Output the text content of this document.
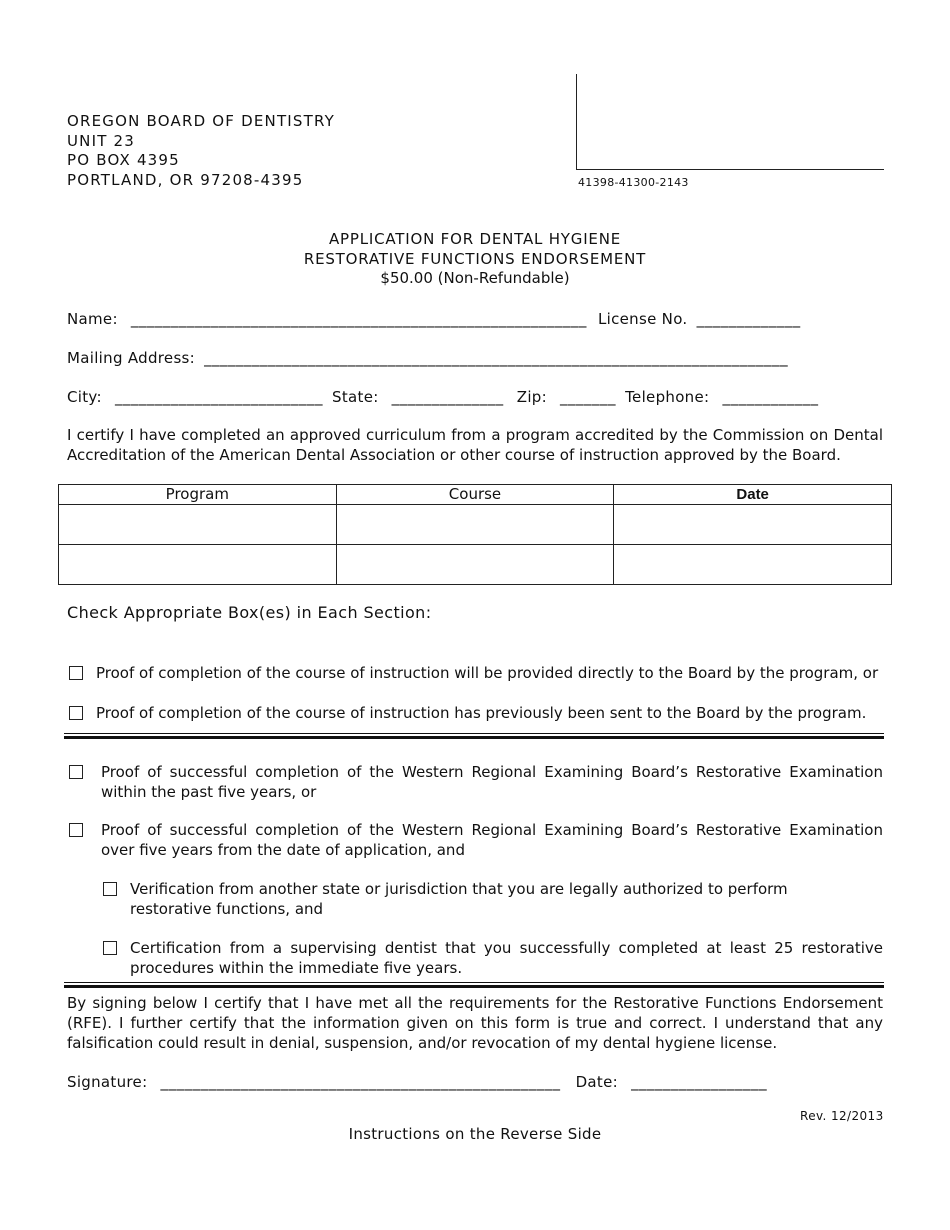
OREGON BOARD OF DENTISTRY
UNIT 23
PO BOX 4395
PORTLAND, OR 97208-4395	41398-41300-2143
APPLICATION FOR DENTAL HYGIENE
RESTORATIVE FUNCTIONS ENDORSEMENT
$50.00 (Non-Refundable)
Name: _________________________________________________________ License No. _____________
Mailing Address: _________________________________________________________________________
City: __________________________ State: ______________ Zip: _______ Telephone: ____________
I certify I have completed an approved curriculum from a program accredited by the Commission on Dental Accreditation of the American Dental Association or other course of instruction approved by the Board.
Program	Course	Date

Check Appropriate Box(es) in Each Section:
Proof of completion of the course of instruction will be provided directly to the Board by the program, or
Proof of completion of the course of instruction has previously been sent to the Board by the program.
Proof of successful completion of the Western Regional Examining Board’s Restorative Examination within the past five years, or
Proof of successful completion of the Western Regional Examining Board’s Restorative Examination over five years from the date of application, and
Verification from another state or jurisdiction that you are legally authorized to perform restorative functions, and
Certification from a supervising dentist that you successfully completed at least 25 restorative procedures within the immediate five years.
By signing below I certify that I have met all the requirements for the Restorative Functions Endorsement (RFE). I further certify that the information given on this form is true and correct. I understand that any falsification could result in denial, suspension, and/or revocation of my dental hygiene license.
Signature: __________________________________________________ Date: _________________
Rev. 12/2013
Instructions on the Reverse Side
